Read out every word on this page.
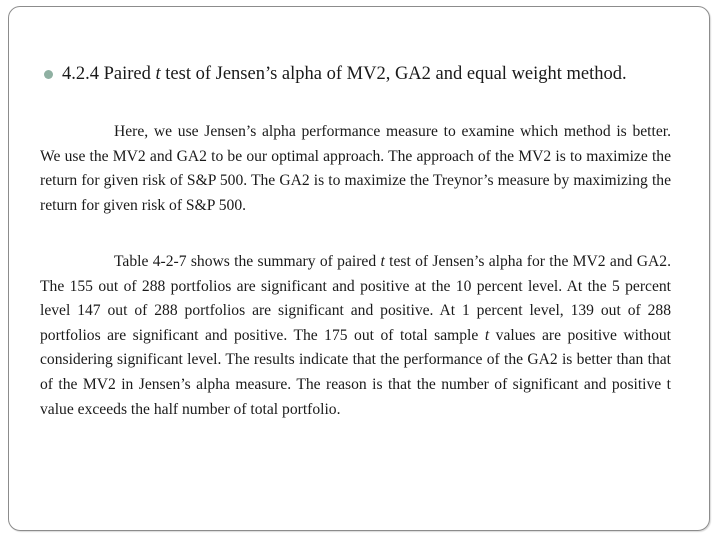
4.2.4 Paired t test of Jensen’s alpha of MV2, GA2 and equal weight method.

Here, we use Jensen’s alpha performance measure to examine which method is better. We use the MV2 and GA2 to be our optimal approach. The approach of the MV2 is to maximize the return for given risk of S&P 500. The GA2 is to maximize the Treynor’s measure by maximizing the return for given risk of S&P 500.

Table 4-2-7 shows the summary of paired t test of Jensen’s alpha for the MV2 and GA2. The 155 out of 288 portfolios are significant and positive at the 10 percent level. At the 5 percent level 147 out of 288 portfolios are significant and positive. At 1 percent level, 139 out of 288 portfolios are significant and positive. The 175 out of total sample t values are positive without considering significant level. The results indicate that the performance of the GA2 is better than that of the MV2 in Jensen’s alpha measure. The reason is that the number of significant and positive t value exceeds the half number of total portfolio.
